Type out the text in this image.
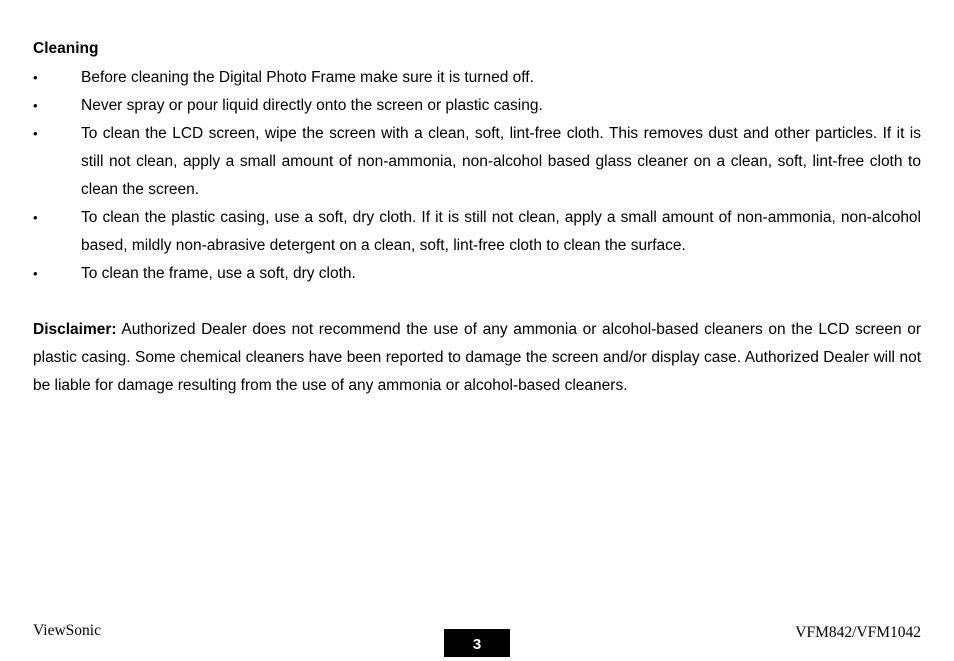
Cleaning
•	Before cleaning the Digital Photo Frame make sure it is turned off.
•	Never spray or pour liquid directly onto the screen or plastic casing.
•	To clean the LCD screen, wipe the screen with a clean, soft, lint-free cloth. This removes dust and other particles. If it is still not clean, apply a small amount of non-ammonia, non-alcohol based glass cleaner on a clean, soft, lint-free cloth to clean the screen.
•	To clean the plastic casing, use a soft, dry cloth. If it is still not clean, apply a small amount of non-ammonia, non-alcohol based, mildly non-abrasive detergent on a clean, soft, lint-free cloth to clean the surface.
•	To clean the frame, use a soft, dry cloth.

Disclaimer: Authorized Dealer does not recommend the use of any ammonia or alcohol-based cleaners on the LCD screen or plastic casing. Some chemical cleaners have been reported to damage the screen and/or display case. Authorized Dealer will not be liable for damage resulting from the use of any ammonia or alcohol-based cleaners.

ViewSonic
3
VFM842/VFM1042
